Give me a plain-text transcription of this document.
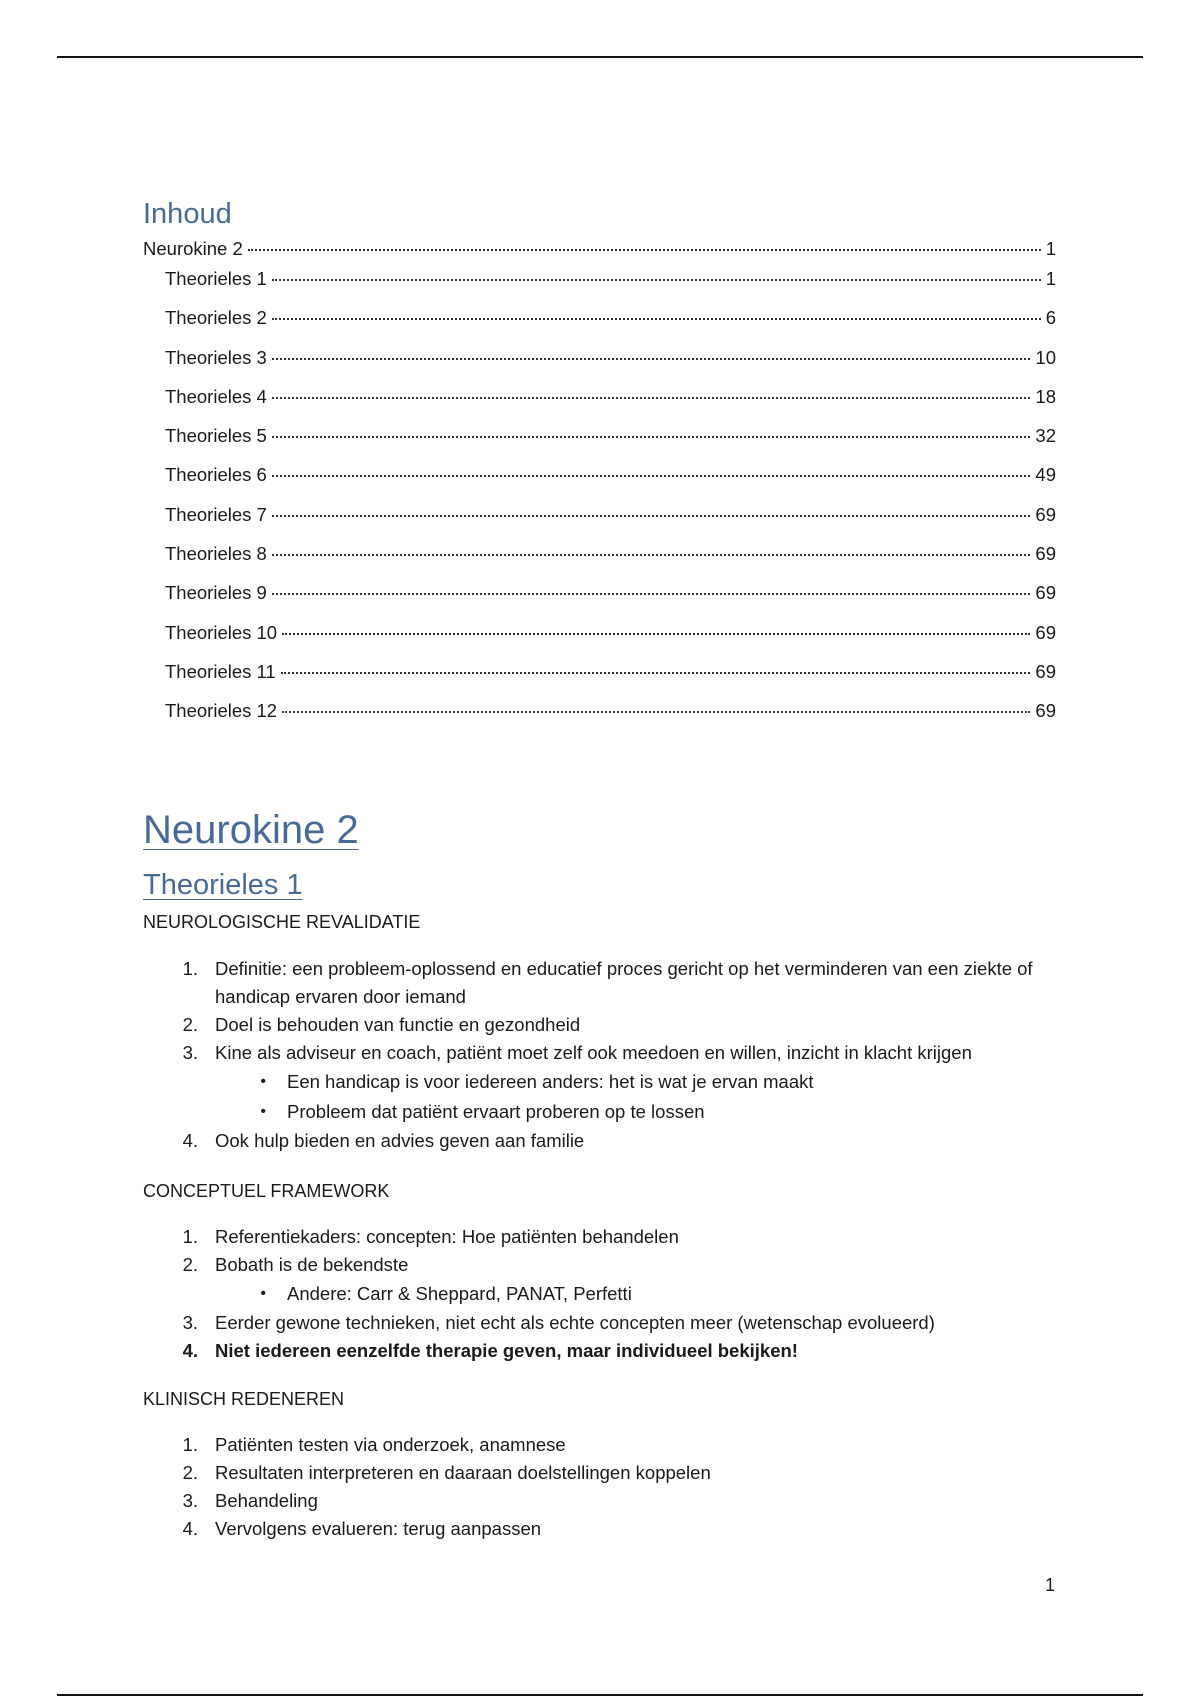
Inhoud
Neurokine 2	1
Theorieles 1	1
Theorieles 2	6
Theorieles 3	10
Theorieles 4	18
Theorieles 5	32
Theorieles 6	49
Theorieles 7	69
Theorieles 8	69
Theorieles 9	69
Theorieles 10	69
Theorieles 11	69
Theorieles 12	69
Neurokine 2
Theorieles 1

NEUROLOGISCHE REVALIDATIE

1. Definitie: een probleem-oplossend en educatief proces gericht op het verminderen van een ziekte of handicap ervaren door iemand
2. Doel is behouden van functie en gezondheid
3. Kine als adviseur en coach, patiënt moet zelf ook meedoen en willen, inzicht in klacht krijgen
•	Een handicap is voor iedereen anders: het is wat je ervan maakt
•	Probleem dat patiënt ervaart proberen op te lossen
4. Ook hulp bieden en advies geven aan familie

CONCEPTUEL FRAMEWORK

1. Referentiekaders: concepten: Hoe patiënten behandelen
2. Bobath is de bekendste
•	Andere: Carr & Sheppard, PANAT, Perfetti
3. Eerder gewone technieken, niet echt als echte concepten meer (wetenschap evolueerd)
4. Niet iedereen eenzelfde therapie geven, maar individueel bekijken!

KLINISCH REDENEREN

1. Patiënten testen via onderzoek, anamnese
2. Resultaten interpreteren en daaraan doelstellingen koppelen
3. Behandeling
4. Vervolgens evalueren: terug aanpassen
1
